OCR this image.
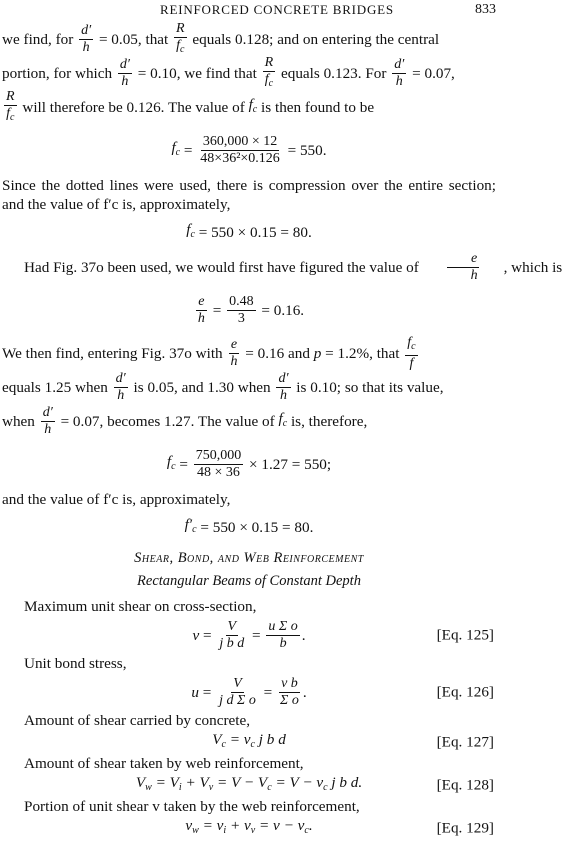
REINFORCED CONCRETE BRIDGES	833
we find, for
$\frac{d'}{h}$
= 0.05, that
$\frac{R}{f_c}$
equals 0.128; and on entering the central
portion, for which
$\frac{d'}{h}$
= 0.10, we find that
$\frac{R}{f_c}$
equals 0.123. For
$\frac{d'}{h}$
= 0.07,
$\frac{R}{f_c}$
will therefore be 0.126. The value of
$f_c$
is then found to be
$f_c = \frac{360,000 \times 12}{\text{48×36²×0.126}}$
= 550.

Since the dotted lines were used, there is compression over the entire section; and the value of f′c is, approximately,

$f_c$
= 550 × 0.15 = 80.
Had Fig. 37o been used, we would first have figured the value of
$\frac{e}{h}$	, which is
$\frac{e}{h} = \frac{0.48}{3}$
= 0.16.
We then find, entering Fig. 37o with
$\frac{e}{h}$
= 0.16 and
p
= 1.2%, that
$\frac{f_c}{f}$
equals 1.25 when
$\frac{d'}{h}$
is 0.05, and 1.30 when
$\frac{d'}{h}$
is 0.10; so that its value,
when
$\frac{d'}{h}$
= 0.07, becomes 1.27. The value of
$f_c$
is, therefore,
$f_c = \frac{750,000}{48 \times 36}$
× 1.27 = 550;

and the value of f′c is, approximately,

$f'_c$
= 550 × 0.15 = 80.
Shear, Bond, and Web Reinforcement
Rectangular Beams of Constant Depth

Maximum unit shear on cross-section,

$v = \frac{V}{\text{j b d}} = \frac{\text{u Σ o}}{b}$ .	[Eq. 125]

Unit bond stress,

$u = \frac{V}{\text{j d Σ o}} = \frac{\text{v b}}{\text{Σ o}}$ .	[Eq. 126]

Amount of shear carried by concrete,

$V_c = v_c$ j b d	[Eq. 127]

Amount of shear taken by web reinforcement,

$V_w = V_i + V_v = V - V_c = V - v_c$ j b d.	[Eq. 128]

Portion of unit shear v taken by the web reinforcement,

$v_w = v_i + v_v = v - v_c$.	[Eq. 129]
